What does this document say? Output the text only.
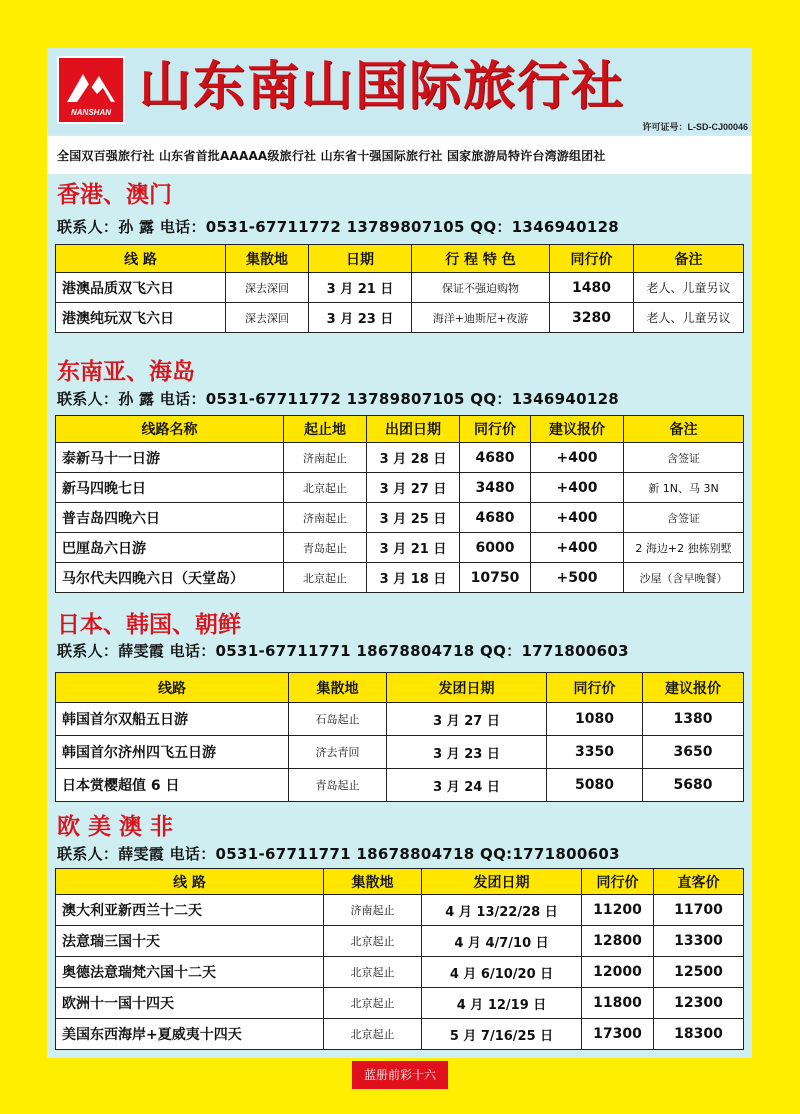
NANSHAN 山东南山国际旅行社
许可证号：L-SD-CJ00046
全国双百强旅行社 山东省首批AAAAA级旅行社 山东省十强国际旅行社 国家旅游局特许台湾游组团社
香港、澳门
联系人：孙 露 电话：0531-67711772 13789807105 QQ：1346940128
线 路	集散地	日期	行 程 特 色	同行价	备注
港澳品质双飞六日	深去深回	3 月 21 日	保证不强迫购物	1480	老人、儿童另议
港澳纯玩双飞六日	深去深回	3 月 23 日	海洋+迪斯尼+夜游	3280	老人、儿童另议
东南亚、海岛
联系人：孙 露 电话：0531-67711772 13789807105 QQ：1346940128
线路名称	起止地	出团日期	同行价	建议报价	备注
泰新马十一日游	济南起止	3 月 28 日	4680	+400	含签证
新马四晚七日	北京起止	3 月 27 日	3480	+400	新 1N、马 3N
普吉岛四晚六日	济南起止	3 月 25 日	4680	+400	含签证
巴厘岛六日游	青岛起止	3 月 21 日	6000	+400	2 海边+2 独栋别墅
马尔代夫四晚六日（天堂岛）	北京起止	3 月 18 日	10750	+500	沙屋（含早晚餐）
日本、韩国、朝鲜
联系人：薛雯霞 电话：0531-67711771 18678804718 QQ：1771800603
线路	集散地	发团日期	同行价	建议报价
韩国首尔双船五日游	石岛起止	3 月 27 日	1080	1380
韩国首尔济州四飞五日游	济去青回	3 月 23 日	3350	3650
日本赏樱超值 6 日	青岛起止	3 月 24 日	5080	5680
欧 美 澳 非
联系人：薛雯霞 电话：0531-67711771 18678804718 QQ:1771800603
线 路	集散地	发团日期	同行价	直客价
澳大利亚新西兰十二天	济南起止	4 月 13/22/28 日	11200	11700
法意瑞三国十天	北京起止	4 月 4/7/10 日	12800	13300
奥德法意瑞梵六国十二天	北京起止	4 月 6/10/20 日	12000	12500
欧洲十一国十四天	北京起止	4 月 12/19 日	11800	12300
美国东西海岸+夏威夷十四天	北京起止	5 月 7/16/25 日	17300	18300
蓝册前彩十六
